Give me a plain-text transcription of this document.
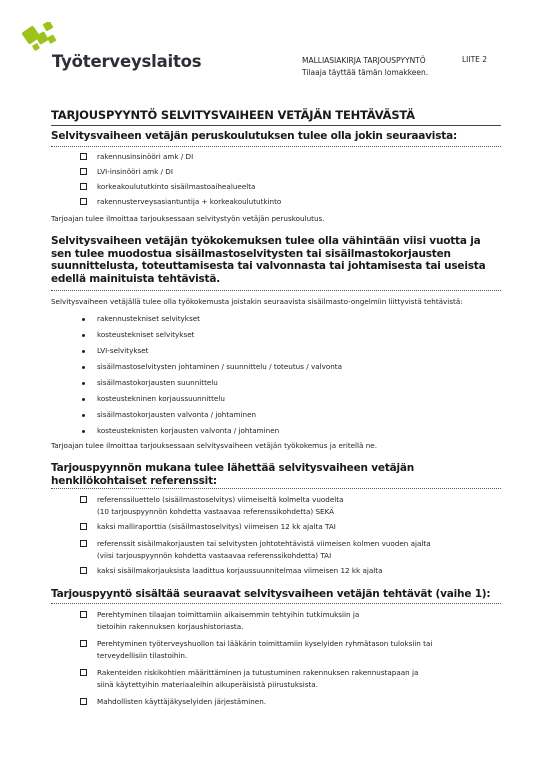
Työterveyslaitos	MALLIASIAKIRJA TARJOUSPYYNTÖ
Tilaaja täyttää tämän lomakkeen.
LIITE 2
TARJOUSPYYNTÖ SELVITYSVAIHEEN VETÄJÄN TEHTÄVÄSTÄ
Selvitysvaiheen vetäjän peruskoulutuksen tulee olla jokin seuraavista:
rakennusinsinööri amk / DI
LVI-insinööri amk / DI
korkeakoulututkinto sisäilmastoaihealueelta
rakennusterveysasiantuntija + korkeakoulututkinto
Tarjoajan tulee ilmoittaa tarjouksessaan selvitystyön vetäjän peruskoulutus.
Selvitysvaiheen vetäjän työkokemuksen tulee olla vähintään viisi vuotta ja
sen tulee muodostua sisäilmastoselvitysten tai sisäilmastokorjausten
suunnittelusta, toteuttamisesta tai valvonnasta tai johtamisesta tai useista
edellä mainituista tehtävistä.
Selvitysvaiheen vetäjällä tulee olla työkokemusta joistakin seuraavista sisäilmasto-ongelmiin liittyvistä tehtävistä:
rakennustekniset selvitykset
kosteustekniset selvitykset
LVI-selvitykset
sisäilmastoselvitysten johtaminen / suunnittelu / toteutus / valvonta
sisäilmastokorjausten suunnittelu
kosteustekninen korjaussuunnittelu
sisäilmastokorjausten valvonta / johtaminen
kosteusteknisten korjausten valvonta / johtaminen
Tarjoajan tulee ilmoittaa tarjouksessaan selvitysvaiheen vetäjän työkokemus ja eritellä ne.
Tarjouspyynnön mukana tulee lähettää selvitysvaiheen vetäjän
henkilökohtaiset referenssit:
referenssiluettelo (sisäilmastoselvitys) viimeiseltä kolmelta vuodelta
(10 tarjouspyynnön kohdetta vastaavaa referenssikohdetta) SEKÄ
kaksi malliraporttia (sisäilmastoselvitys) viimeisen 12 kk ajalta TAI
referenssit sisäilmakorjausten tai selvitysten johtotehtävistä viimeisen kolmen vuoden ajalta
(viisi tarjouspyynnön kohdetta vastaavaa referenssikohdetta) TAI
kaksi sisäilmakorjauksista laadittua korjaussuunnitelmaa viimeisen 12 kk ajalta
Tarjouspyyntö sisältää seuraavat selvitysvaiheen vetäjän tehtävät (vaihe 1):
Perehtyminen tilaajan toimittamiin aikaisemmin tehtyihin tutkimuksiin ja
tietoihin rakennuksen korjaushistoriasta.
Perehtyminen työterveyshuollon tai lääkärin toimittamiin kyselyiden ryhmätason tuloksiin tai
terveydellisiin tilastoihin.
Rakenteiden riskikohtien määrittäminen ja tutustuminen rakennuksen rakennustapaan ja
siinä käytettyihin materiaaleihin alkuperäisistä piirustuksista.
Mahdollisten käyttäjäkyselyiden järjestäminen.
